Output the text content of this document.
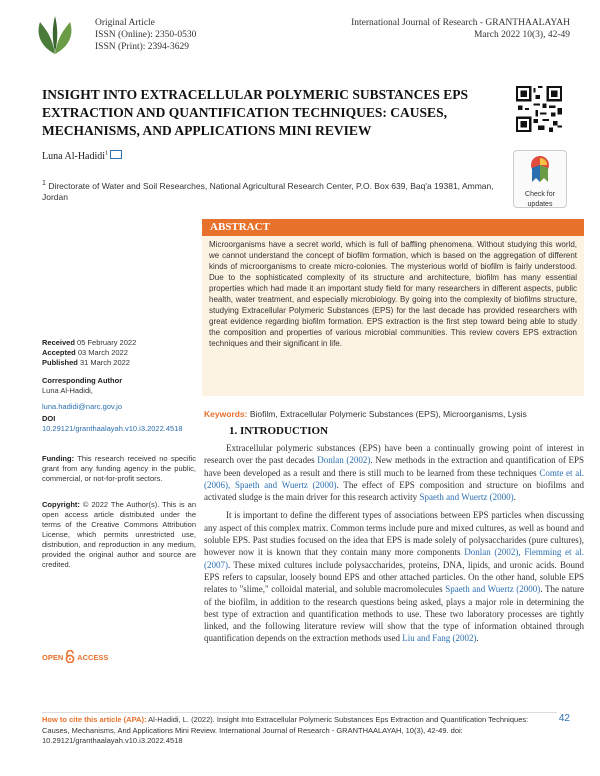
Original Article
ISSN (Online): 2350-0530
ISSN (Print): 2394-3629
International Journal of Research - GRANTHAALAYAH
March 2022 10(3), 42-49
INSIGHT INTO EXTRACELLULAR POLYMERIC SUBSTANCES EPS EXTRACTION AND QUANTIFICATION TECHNIQUES: CAUSES, MECHANISMS, AND APPLICATIONS MINI REVIEW
Check for
updates
Luna Al-Hadidi$^1$
$^1$ Directorate of Water and Soil Researches, National Agricultural Research Center, P.O. Box 639, Baq'a 19381, Amman, Jordan
ABSTRACT
Microorganisms have a secret world, which is full of baffling phenomena. Without studying this world, we cannot understand the concept of biofilm formation, which is based on the aggregation of different kinds of microorganisms to create micro-colonies. The mysterious world of biofilm is fairly understood. Due to the sophisticated complexity of its structure and architecture, biofilm has many essential properties which had made it an important study field for many researchers in different aspects, public health, water treatment, and especially microbiology. By going into the complexity of biofilms structure, studying Extracellular Polymeric Substances (EPS) for the last decade has provided researchers with great evidence regarding biofilm formation. EPS extraction is the first step toward being able to study the composition and properties of various microbial communities. This review covers EPS extraction techniques and their significant in life.
Received 05 February 2022
Accepted 03 March 2022
Published 31 March 2022
Corresponding Author
Luna Al-Hadidi,
luna.hadidi@narc.gov.jo
DOI
10.29121/granthaalayah.v10.i3.2022.4518
Funding: This research received no specific grant from any funding agency in the public, commercial, or not-for-profit sectors.
Copyright: © 2022 The Author(s). This is an open access article distributed under the terms of the Creative Commons Attribution License, which permits unrestricted use, distribution, and reproduction in any medium, provided the original author and source are credited.
OPEN ACCESS
Keywords: Biofilm, Extracellular Polymeric Substances (EPS), Microorganisms, Lysis
1. INTRODUCTION

Extracellular polymeric substances (EPS) have been a continually growing point of interest in research over the past decades Donlan (2002). New methods in the extraction and quantification of EPS have been developed as a result and there is still much to be learned from these techniques Comte et al. (2006), Spaeth and Wuertz (2000). The effect of EPS composition and structure on biofilms and activated sludge is the main driver for this research activity Spaeth and Wuertz (2000).

It is important to define the different types of associations between EPS particles when discussing any aspect of this complex matrix. Common terms include pure and mixed cultures, as well as bound and soluble EPS. Past studies focused on the idea that EPS is made solely of polysaccharides (pure cultures), however now it is known that they contain many more components Donlan (2002), Flemming et al. (2007). These mixed cultures include polysaccharides, proteins, DNA, lipids, and uronic acids. Bound EPS refers to capsular, loosely bound EPS and other attached particles. On the other hand, soluble EPS relates to "slime," colloidal material, and soluble macromolecules Spaeth and Wuertz (2000). The nature of the biofilm, in addition to the research questions being asked, plays a major role in determining the best type of extraction and quantification methods to use. These two laboratory processes are tightly linked, and the following literature review will show that the type of information obtained through quantification depends on the extraction methods used Liu and Fang (2002).

How to cite this article (APA): Al-Hadidi, L. (2022). Insight Into Extracellular Polymeric Substances Eps Extraction and Quantification Techniques: Causes, Mechanisms, And Applications Mini Review. International Journal of Research - GRANTHAALAYAH, 10(3), 42-49. doi: 10.29121/granthaalayah.v10.i3.2022.4518
42
